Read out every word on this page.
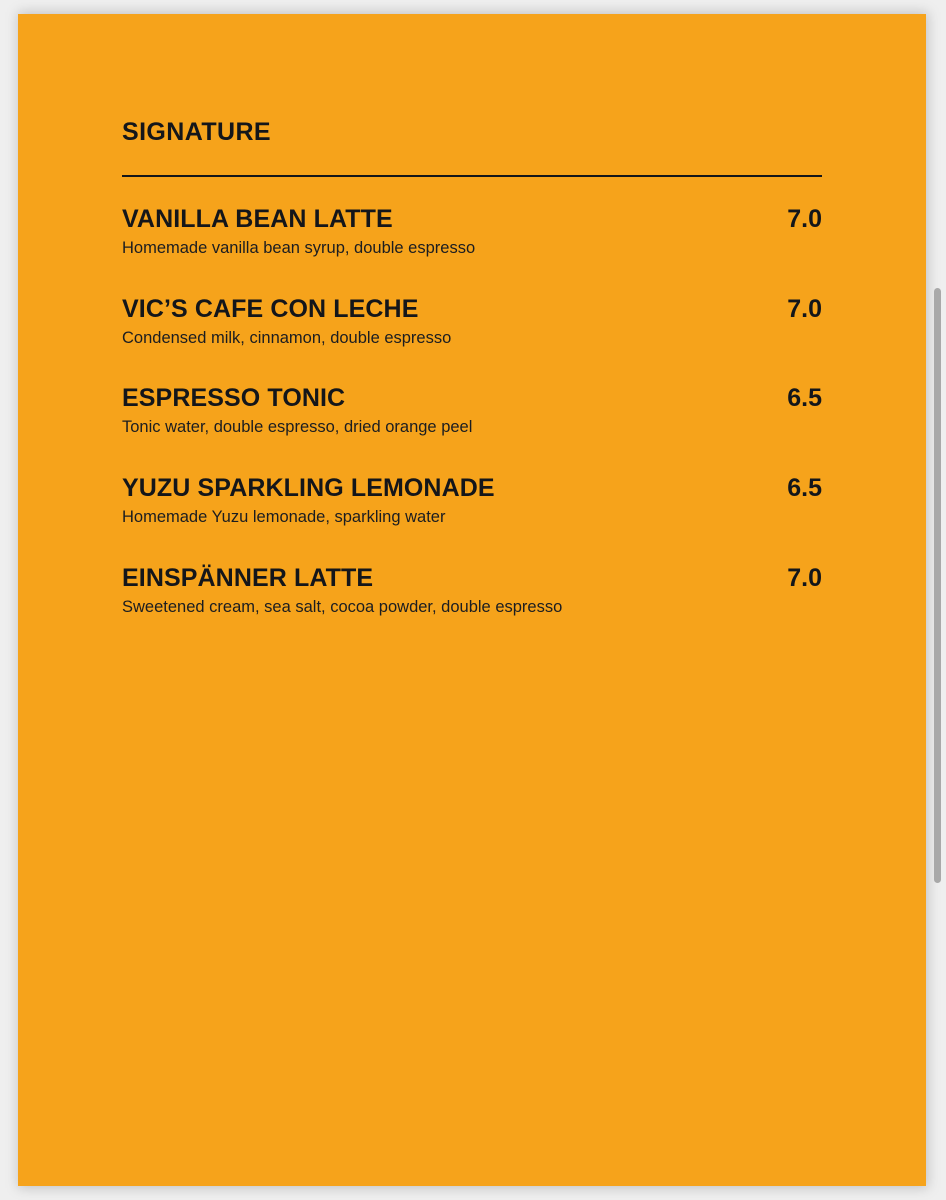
SIGNATURE
VANILLA BEAN LATTE	7.0
Homemade vanilla bean syrup, double espresso
VIC’S CAFE CON LECHE	7.0
Condensed milk, cinnamon, double espresso
ESPRESSO TONIC	6.5
Tonic water, double espresso, dried orange peel
YUZU SPARKLING LEMONADE	6.5
Homemade Yuzu lemonade, sparkling water
EINSPÄNNER LATTE	7.0
Sweetened cream, sea salt, cocoa powder, double espresso
